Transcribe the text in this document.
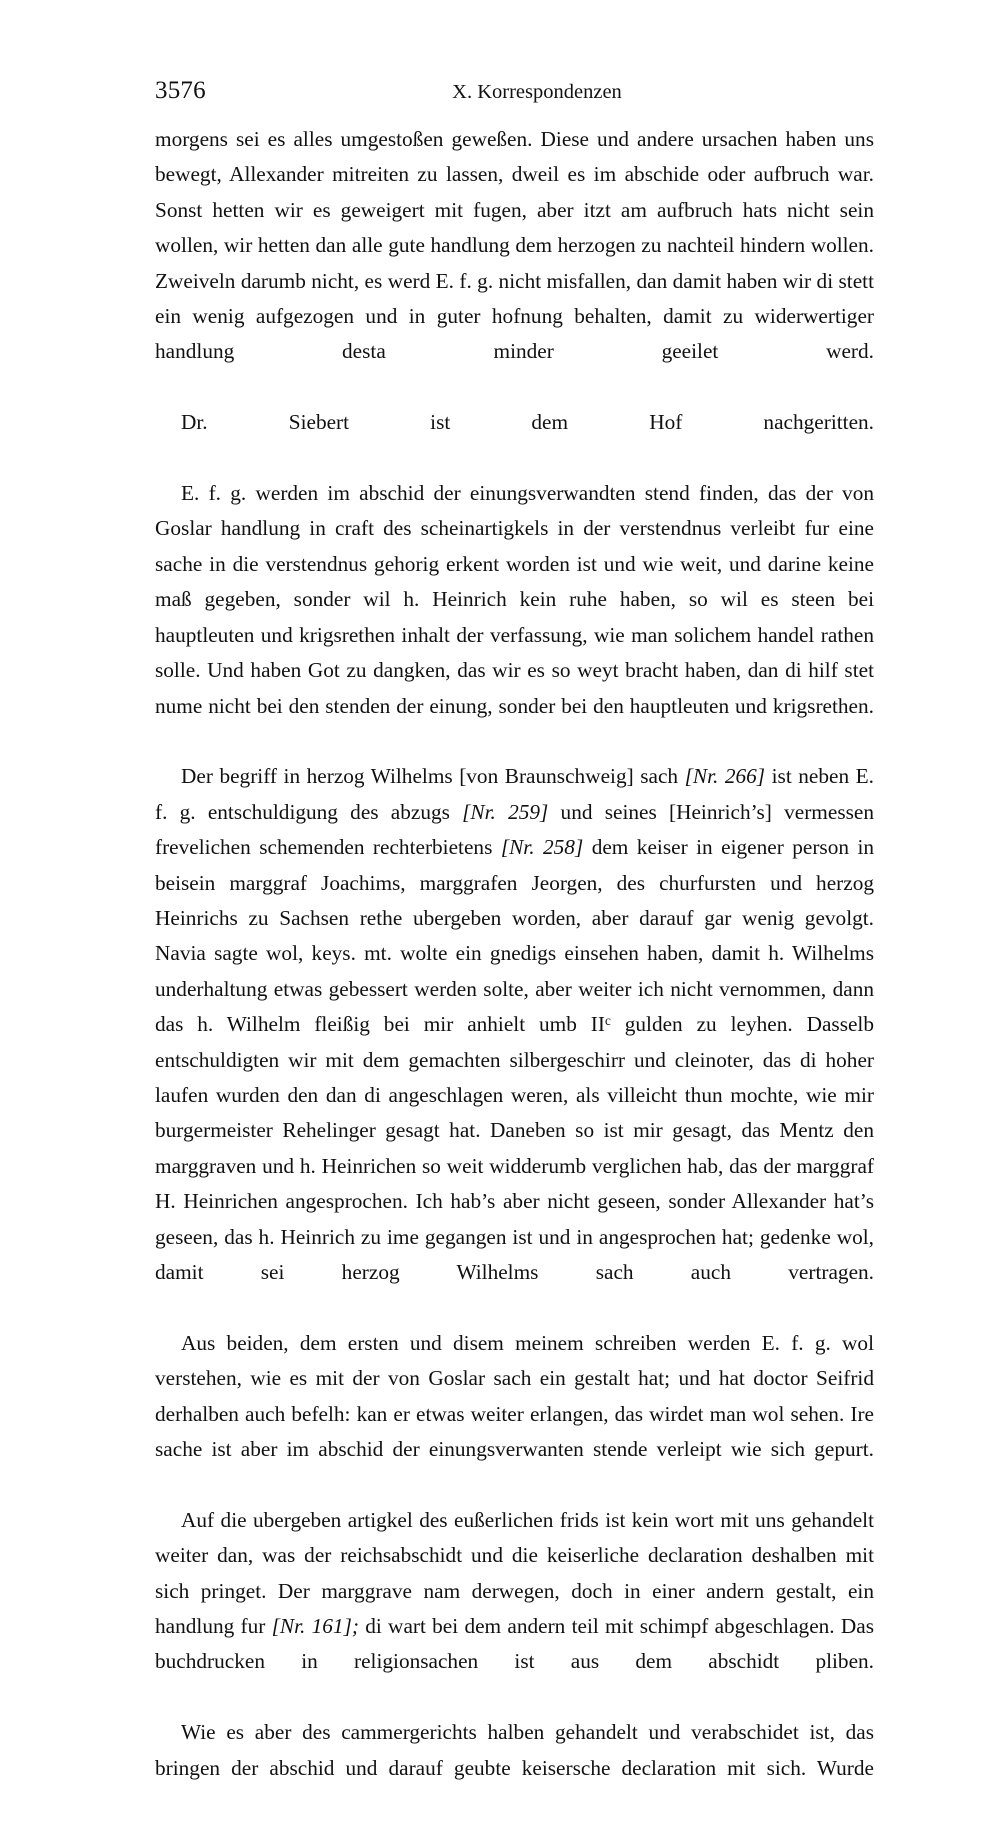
3576	X. Korrespondenzen

morgens sei es alles umgestoßen geweßen. Diese und andere ursachen haben uns bewegt, Allexander mitreiten zu lassen, dweil es im abschide oder aufbruch war. Sonst hetten wir es geweigert mit fugen, aber itzt am aufbruch hats nicht sein wollen, wir hetten dan alle gute handlung dem herzogen zu nachteil hindern wollen. Zweiveln darumb nicht, es werd E. f. g. nicht misfallen, dan damit haben wir di stett ein wenig aufgezogen und in guter hofnung behalten, damit zu widerwertiger handlung desta minder geeilet werd.

Dr. Siebert ist dem Hof nachgeritten.

E. f. g. werden im abschid der einungsverwandten stend finden, das der von Goslar handlung in craft des scheinartigkels in der verstendnus verleibt fur eine sache in die verstendnus gehorig erkent worden ist und wie weit, und darine keine maß gegeben, sonder wil h. Heinrich kein ruhe haben, so wil es steen bei hauptleuten und krigsrethen inhalt der verfassung, wie man solichem handel rathen solle. Und haben Got zu dangken, das wir es so weyt bracht haben, dan di hilf stet nume nicht bei den stenden der einung, sonder bei den hauptleuten und krigsrethen.

Der begriff in herzog Wilhelms [von Braunschweig] sach [Nr. 266] ist neben E. f. g. entschuldigung des abzugs [Nr. 259] und seines [Heinrich’s] vermessen frevelichen schemenden rechterbietens [Nr. 258] dem keiser in eigener person in beisein marggraf Joachims, marggrafen Jeorgen, des churfursten und herzog Heinrichs zu Sachsen rethe ubergeben worden, aber darauf gar wenig gevolgt. Navia sagte wol, keys. mt. wolte ein gnedigs einsehen haben, damit h. Wilhelms underhaltung etwas gebessert werden solte, aber weiter ich nicht vernommen, dann das h. Wilhelm fleißig bei mir anhielt umb $II^c$ gulden zu leyhen. Dasselb entschuldigten wir mit dem gemachten silbergeschirr und cleinoter, das di hoher laufen wurden den dan di angeschlagen weren, als villeicht thun mochte, wie mir burgermeister Rehelinger gesagt hat. Daneben so ist mir gesagt, das Mentz den marggraven und h. Heinrichen so weit widderumb verglichen hab, das der marggraf H. Heinrichen angesprochen. Ich hab’s aber nicht geseen, sonder Allexander hat’s geseen, das h. Heinrich zu ime gegangen ist und in angesprochen hat; gedenke wol, damit sei herzog Wilhelms sach auch vertragen.

Aus beiden, dem ersten und disem meinem schreiben werden E. f. g. wol verstehen, wie es mit der von Goslar sach ein gestalt hat; und hat doctor Seifrid derhalben auch befelh: kan er etwas weiter erlangen, das wirdet man wol sehen. Ire sache ist aber im abschid der einungsverwanten stende verleipt wie sich gepurt.

Auf die ubergeben artigkel des eußerlichen frids ist kein wort mit uns gehandelt weiter dan, was der reichsabschidt und die keiserliche declaration deshalben mit sich pringet. Der marggrave nam derwegen, doch in einer andern gestalt, ein handlung fur [Nr. 161]; di wart bei dem andern teil mit schimpf abgeschlagen. Das buchdrucken in religionsachen ist aus dem abschidt pliben.

Wie es aber des cammergerichts halben gehandelt und verabschidet ist, das bringen der abschid und darauf geubte keisersche declaration mit sich. Wurde
